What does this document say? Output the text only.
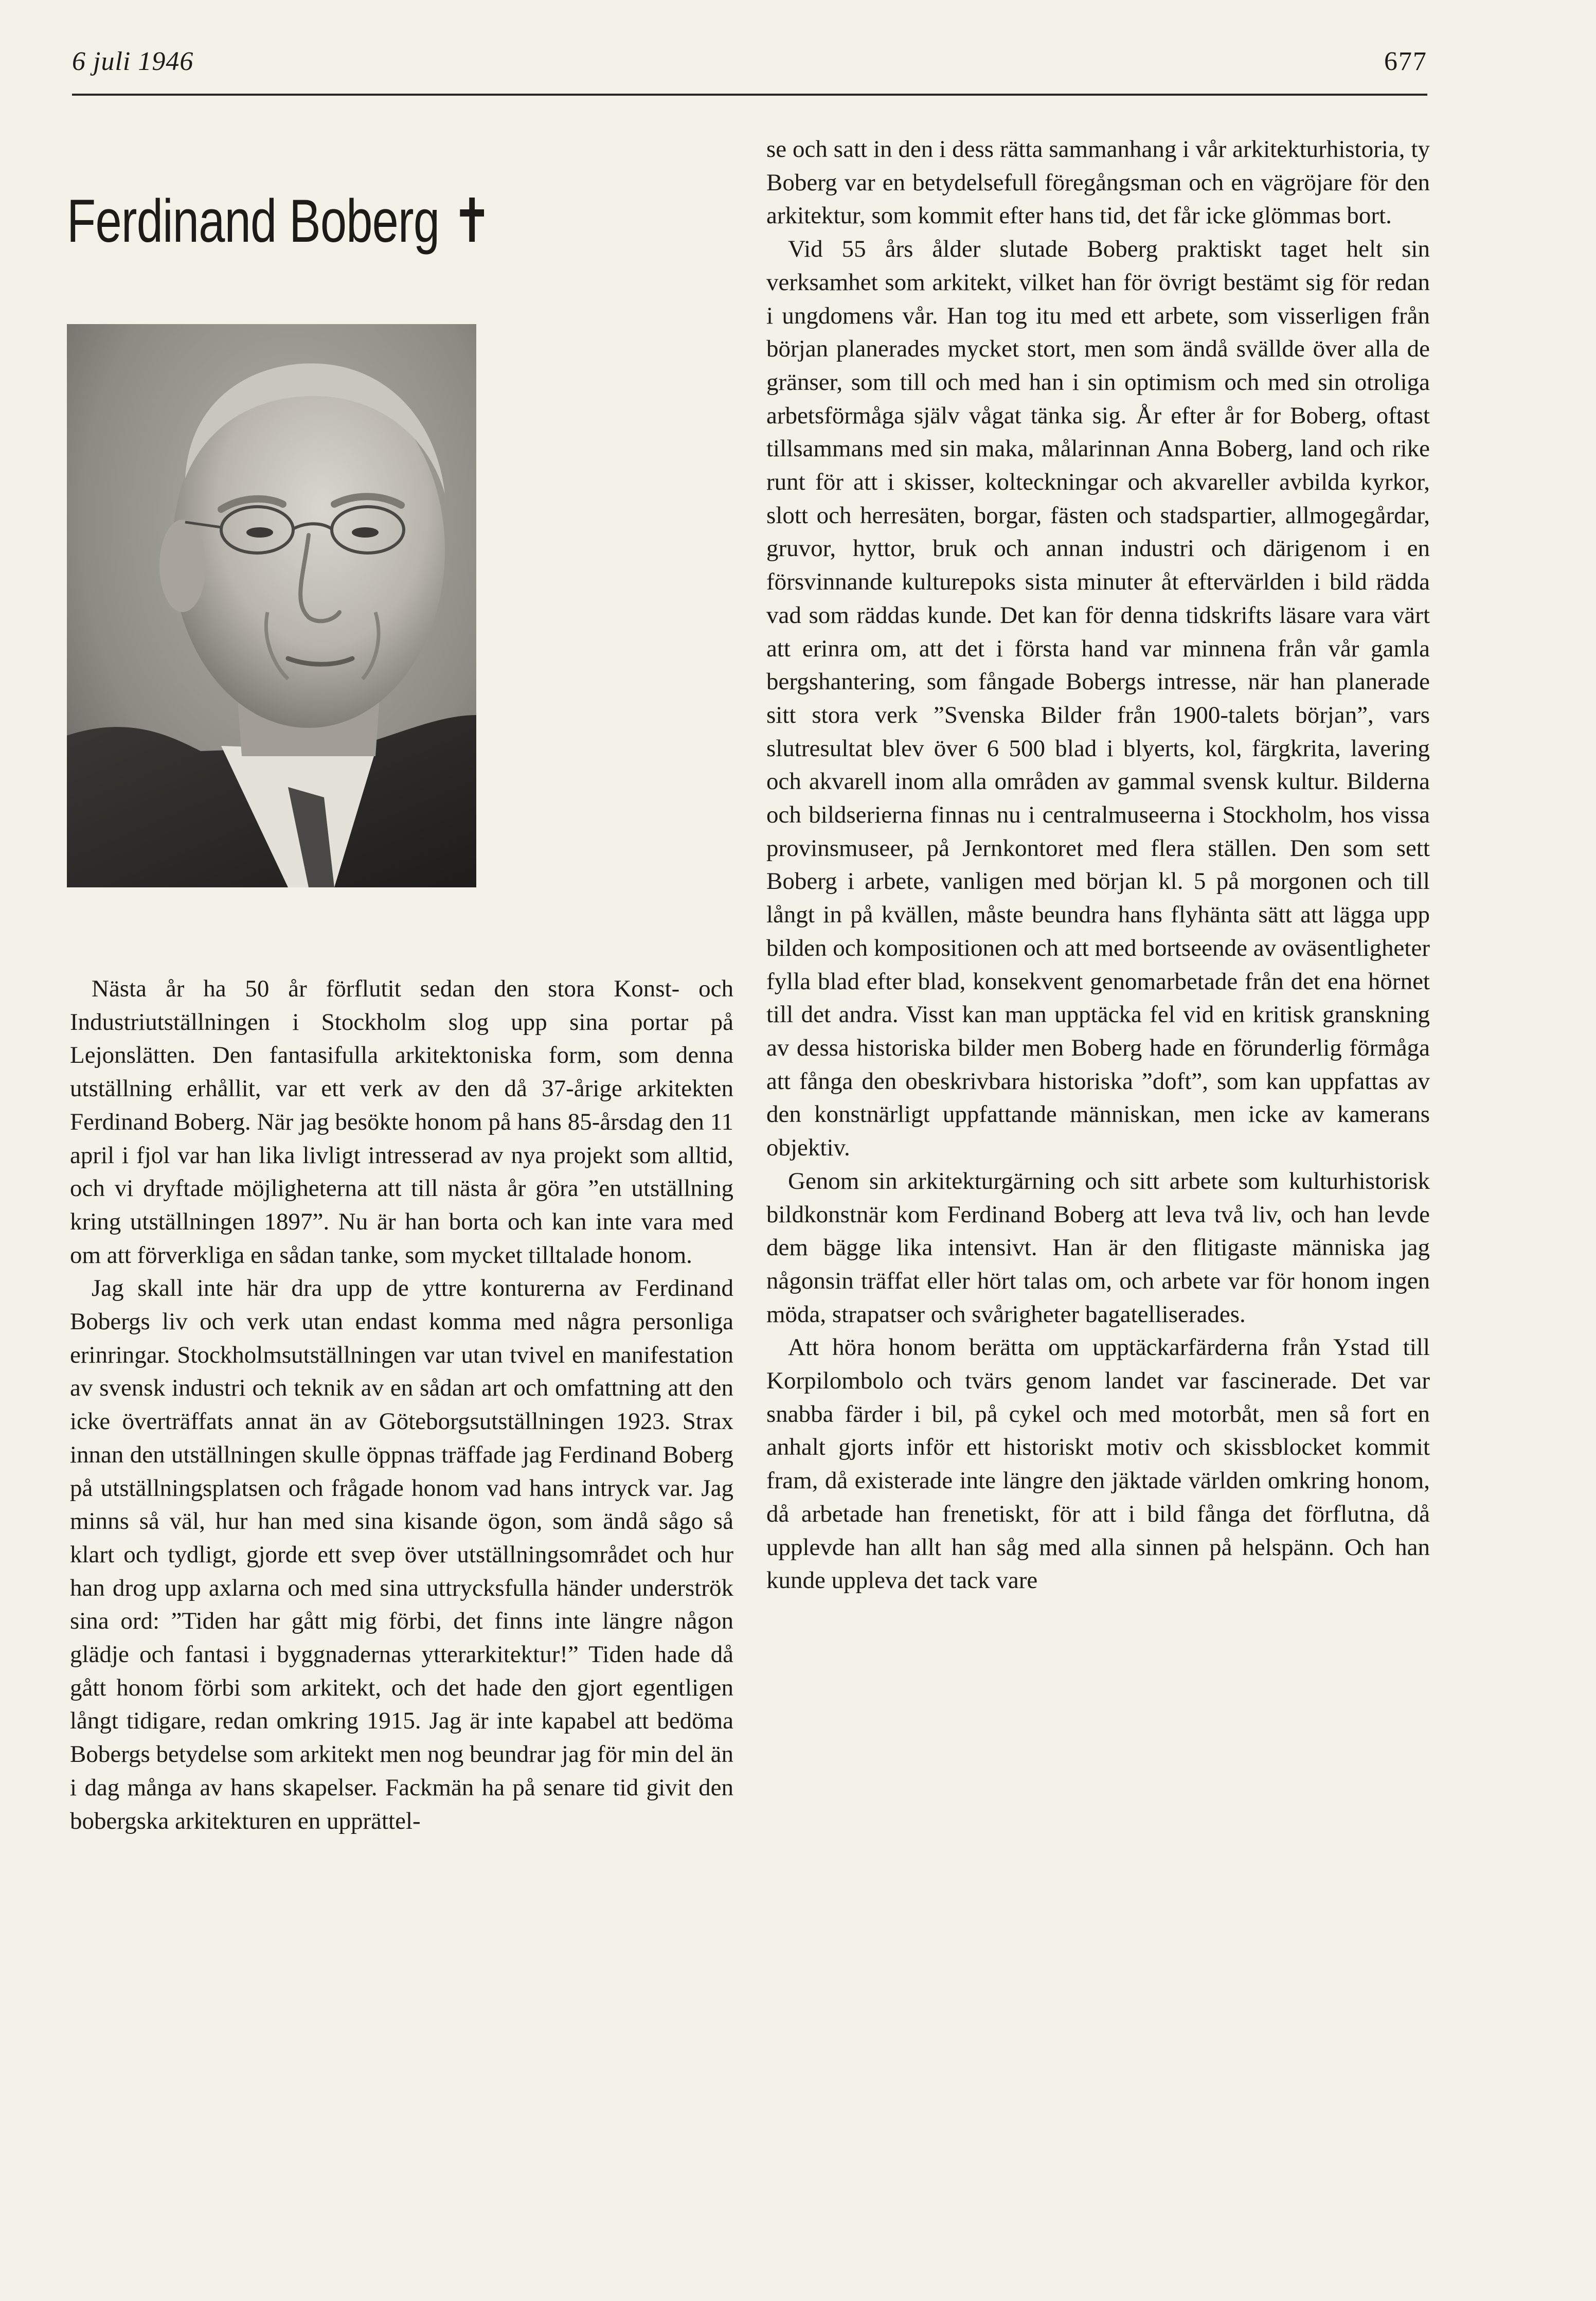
6 juli 1946	677
Ferdinand Boberg ✝

Nästa år ha 50 år förflutit sedan den stora Konst- och Industriutställningen i Stockholm slog upp sina portar på Lejonslätten. Den fantasifulla arkitektoniska form, som denna utställning erhållit, var ett verk av den då 37-årige arkitekten Ferdinand Boberg. När jag besökte honom på hans 85-årsdag den 11 april i fjol var han lika livligt intresserad av nya projekt som alltid, och vi dryftade möjligheterna att till nästa år göra ”en utställning kring utställningen 1897”. Nu är han borta och kan inte vara med om att förverkliga en sådan tanke, som mycket tilltalade honom.

Jag skall inte här dra upp de yttre konturerna av Ferdinand Bobergs liv och verk utan endast komma med några personliga erinringar. Stockholmsutställningen var utan tvivel en manifestation av svensk industri och teknik av en sådan art och omfattning att den icke överträffats annat än av Göteborgsutställningen 1923. Strax innan den utställningen skulle öppnas träffade jag Ferdinand Boberg på utställningsplatsen och frågade honom vad hans intryck var. Jag minns så väl, hur han med sina kisande ögon, som ändå sågo så klart och tydligt, gjorde ett svep över utställningsområdet och hur han drog upp axlarna och med sina uttrycksfulla händer underströk sina ord: ”Tiden har gått mig förbi, det finns inte längre någon glädje och fantasi i byggnadernas ytterarkitektur!” Tiden hade då gått honom förbi som arkitekt, och det hade den gjort egentligen långt tidigare, redan omkring 1915. Jag är inte kapabel att bedöma Bobergs betydelse som arkitekt men nog beundrar jag för min del än i dag många av hans skapelser. Fackmän ha på senare tid givit den bobergska arkitekturen en upprättel-

se och satt in den i dess rätta sammanhang i vår arkitekturhistoria, ty Boberg var en betydelsefull föregångsman och en vägröjare för den arkitektur, som kommit efter hans tid, det får icke glömmas bort.

Vid 55 års ålder slutade Boberg praktiskt taget helt sin verksamhet som arkitekt, vilket han för övrigt bestämt sig för redan i ungdomens vår. Han tog itu med ett arbete, som visserligen från början planerades mycket stort, men som ändå svällde över alla de gränser, som till och med han i sin optimism och med sin otroliga arbetsförmåga själv vågat tänka sig. År efter år for Boberg, oftast tillsammans med sin maka, målarinnan Anna Boberg, land och rike runt för att i skisser, kolteckningar och akvareller avbilda kyrkor, slott och herresäten, borgar, fästen och stadspartier, allmogegårdar, gruvor, hyttor, bruk och annan industri och därigenom i en försvinnande kulturepoks sista minuter åt eftervärlden i bild rädda vad som räddas kunde. Det kan för denna tidskrifts läsare vara värt att erinra om, att det i första hand var minnena från vår gamla bergshantering, som fångade Bobergs intresse, när han planerade sitt stora verk ”Svenska Bilder från 1900-talets början”, vars slutresultat blev över 6 500 blad i blyerts, kol, färgkrita, lavering och akvarell inom alla områden av gammal svensk kultur. Bilderna och bildserierna finnas nu i centralmuseerna i Stockholm, hos vissa provinsmuseer, på Jernkontoret med flera ställen. Den som sett Boberg i arbete, vanligen med början kl. 5 på morgonen och till långt in på kvällen, måste beundra hans flyhänta sätt att lägga upp bilden och kompositionen och att med bortseende av oväsentligheter fylla blad efter blad, konsekvent genomarbetade från det ena hörnet till det andra. Visst kan man upptäcka fel vid en kritisk granskning av dessa historiska bilder men Boberg hade en förunderlig förmåga att fånga den obeskrivbara historiska ”doft”, som kan uppfattas av den konstnärligt uppfattande människan, men icke av kamerans objektiv.

Genom sin arkitekturgärning och sitt arbete som kulturhistorisk bildkonstnär kom Ferdinand Boberg att leva två liv, och han levde dem bägge lika intensivt. Han är den flitigaste människa jag någonsin träffat eller hört talas om, och arbete var för honom ingen möda, strapatser och svårigheter bagatelliserades.

Att höra honom berätta om upptäckarfärderna från Ystad till Korpilombolo och tvärs genom landet var fascinerade. Det var snabba färder i bil, på cykel och med motorbåt, men så fort en anhalt gjorts inför ett historiskt motiv och skissblocket kommit fram, då existerade inte längre den jäktade världen omkring honom, då arbetade han frenetiskt, för att i bild fånga det förflutna, då upplevde han allt han såg med alla sinnen på helspänn. Och han kunde uppleva det tack vare
